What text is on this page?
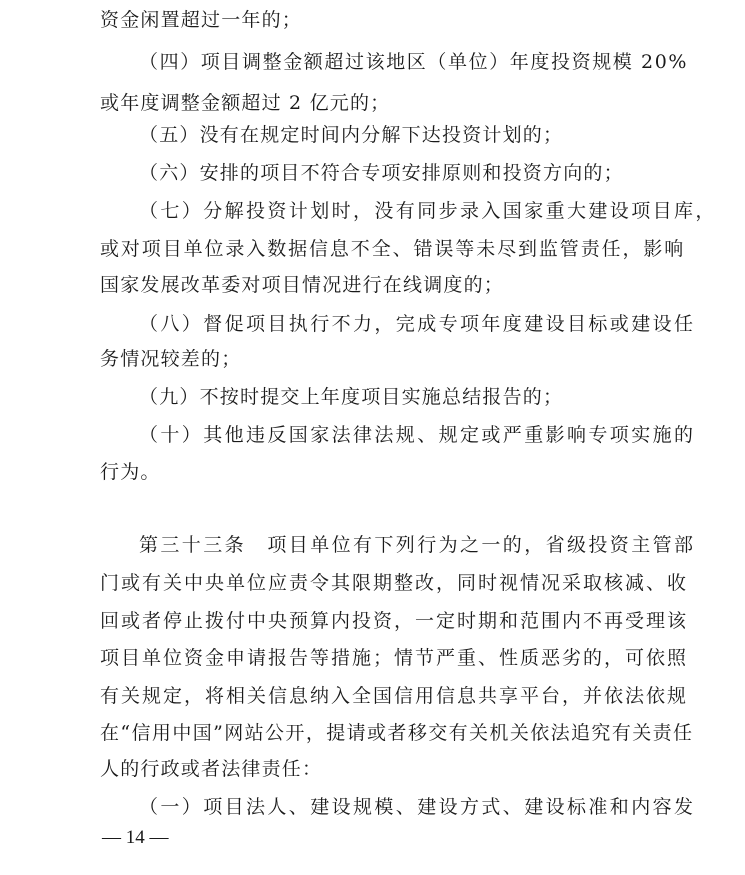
资金闲置超过一年的；
（四）项目调整金额超过该地区（单位）年度投资规模 20%
或年度调整金额超过 2 亿元的；
（五）没有在规定时间内分解下达投资计划的；
（六）安排的项目不符合专项安排原则和投资方向的；
（七）分解投资计划时，没有同步录入国家重大建设项目库，
或对项目单位录入数据信息不全、错误等未尽到监管责任，影响
国家发展改革委对项目情况进行在线调度的；
（八）督促项目执行不力，完成专项年度建设目标或建设任
务情况较差的；
（九）不按时提交上年度项目实施总结报告的；
（十）其他违反国家法律法规、规定或严重影响专项实施的
行为。
第三十三条　项目单位有下列行为之一的，省级投资主管部
门或有关中央单位应责令其限期整改，同时视情况采取核减、收
回或者停止拨付中央预算内投资，一定时期和范围内不再受理该
项目单位资金申请报告等措施；情节严重、性质恶劣的，可依照
有关规定，将相关信息纳入全国信用信息共享平台，并依法依规
在“信用中国”网站公开，提请或者移交有关机关依法追究有关责任
人的行政或者法律责任：
（一）项目法人、建设规模、建设方式、建设标准和内容发
— 14 —
